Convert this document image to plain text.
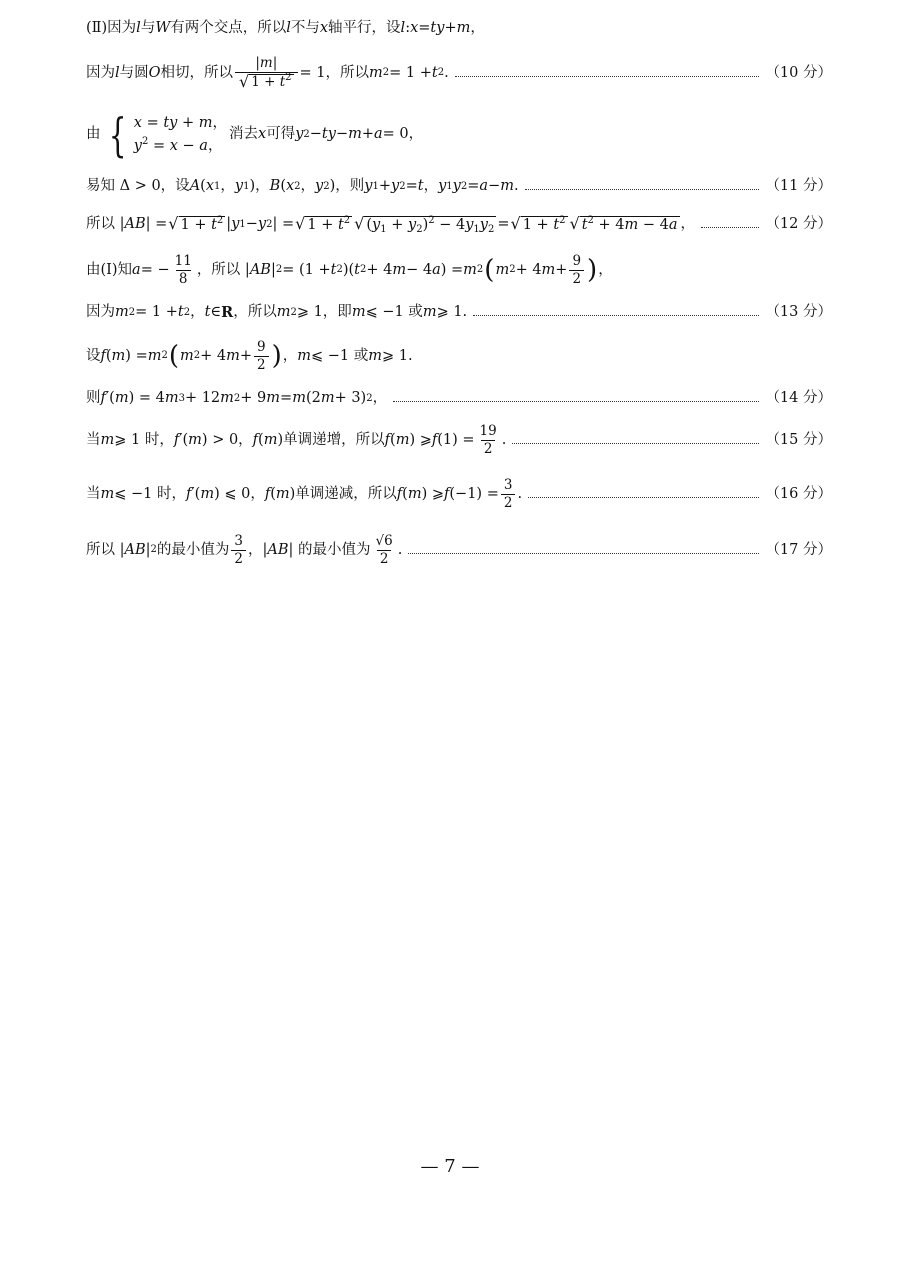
(Ⅱ)因为 l 与 W 有两个交点，所以 l 不与 x 轴平行，设 l : x = ty + m ，
因为 l 与圆 O 相切，所以 $\frac{|m|}{√ 1 + t^2} = 1$，所以 m 2 = 1 + t 2 .	（10 分）
由 { x = ty + m，
$y^2 = x - a$，
消去 x 可得 y 2 − ty − m + a = 0，
易知 Δ > 0，设 A ( x 1 ， y 1 )， B ( x 2 ， y 2 )，则 y 1 + y 2 = t ， y 1 y 2 = a − m .	（11 分）
所以 | AB | = √ $1 + t^2$ | y 1 − y 2 | = √ $1 + t^2$ √ $(y_1 + y_2)^2 - 4y_1y_2$ = √ $1 + t^2$ √ $t^2 + 4m - 4a$ ，	（12 分）
由(Ⅰ)知 a = − $\frac{11}{8}$ ，所以 | AB | 2 = (1 + t 2 )( t 2 + 4 m − 4 a ) = m 2 ( m 2 + 4 $m + \frac{9}{2}$ ) ，
因为 m 2 = 1 + t 2 ， t ∈ R ，所以 m 2 ⩾ 1，即 m ⩽ −1 或 m ⩾ 1.	（13 分）
设 f ( m ) = m 2 ( m 2 + 4 $m + \frac{9}{2}$ ) ， m ⩽ −1 或 m ⩾ 1.
则 f ′( m ) = 4 m 3 + 12 m 2 + 9 m = m (2 m + 3) 2 ，	（14 分）
当 m ⩾ 1 时， f ′( m ) > 0， f ( m )单调递增，所以 f ( m ) ⩾ f $(1) = \frac{19}{2}$ .	（15 分）
当 m ⩽ −1 时， f ′( m ) ⩽ 0， f ( m )单调递减，所以 f ( m ) ⩾ f $(-1) = \frac{3}{2}$ .	（16 分）
所以 | AB | 2 的最小值为 $\frac{3}{2}$ ，| AB | 的最小值为 $\frac{√6}{2}$ .	（17 分）
— 7 —
